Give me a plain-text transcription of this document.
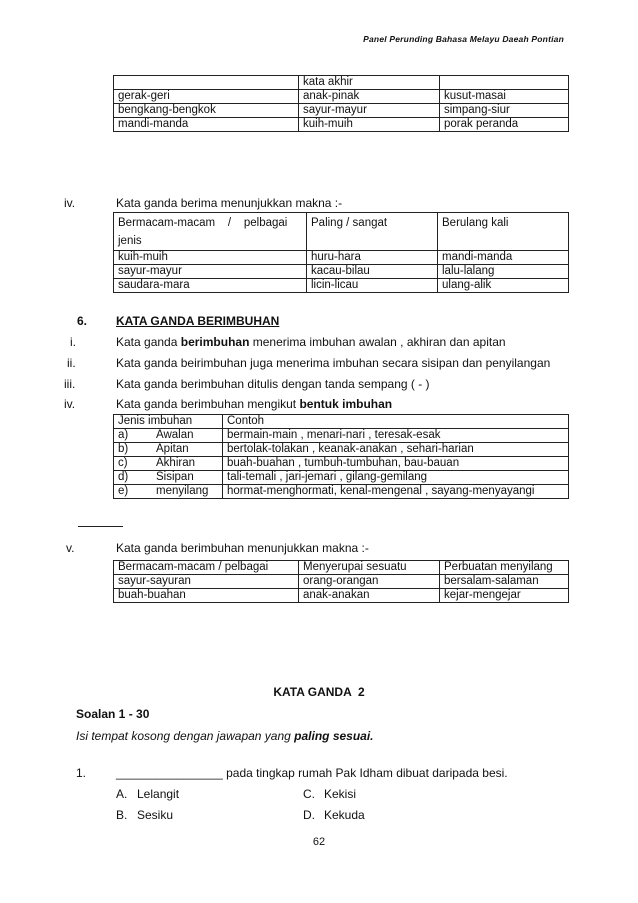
Panel Perunding Bahasa Melayu Daeah Pontian
	kata akhir	
gerak-geri	anak-pinak	kusut-masai
bengkang-bengkok	sayur-mayur	simpang-siur
mandi-manda	kuih-muih	porak peranda
iv.	Kata ganda berima menunjukkan makna :-
Bermacam-macam    /    pelbagai
jenis	Paling / sangat	Berulang kali
kuih-muih	huru-hara	mandi-manda
sayur-mayur	kacau-bilau	lalu-lalang
saudara-mara	licin-licau	ulang-alik
6. KATA GANDA BERIMBUHAN
i.	Kata ganda berimbuhan menerima imbuhan awalan , akhiran dan apitan
ii.	Kata ganda beirimbuhan juga menerima imbuhan secara sisipan dan penyilangan
iii.	Kata ganda berimbuhan ditulis dengan tanda sempang ( - )
iv.	Kata ganda berimbuhan mengikut bentuk imbuhan
Jenis imbuhan	Contoh
a) Awalan	bermain-main , menari-nari , teresak-esak
b) Apitan	bertolak-tolakan , keanak-anakan , sehari-harian
c) Akhiran	buah-buahan , tumbuh-tumbuhan, bau-bauan
d) Sisipan	tali-temali , jari-jemari , gilang-gemilang
e) menyilang	hormat-menghormati, kenal-mengenal , sayang-menyayangi
v.	Kata ganda berimbuhan menunjukkan makna :-
Bermacam-macam / pelbagai	Menyerupai sesuatu	Perbuatan menyilang
sayur-sayuran	orang-orangan	bersalam-salaman
buah-buahan	anak-anakan	kejar-mengejar
KATA GANDA  2
Soalan 1 - 30
Isi tempat kosong dengan jawapan yang paling sesuai.
1. ________________ pada tingkap rumah Pak Idham dibuat daripada besi.
A. Lelangit	C. Kekisi
B. Sesiku	D. Kekuda
62
